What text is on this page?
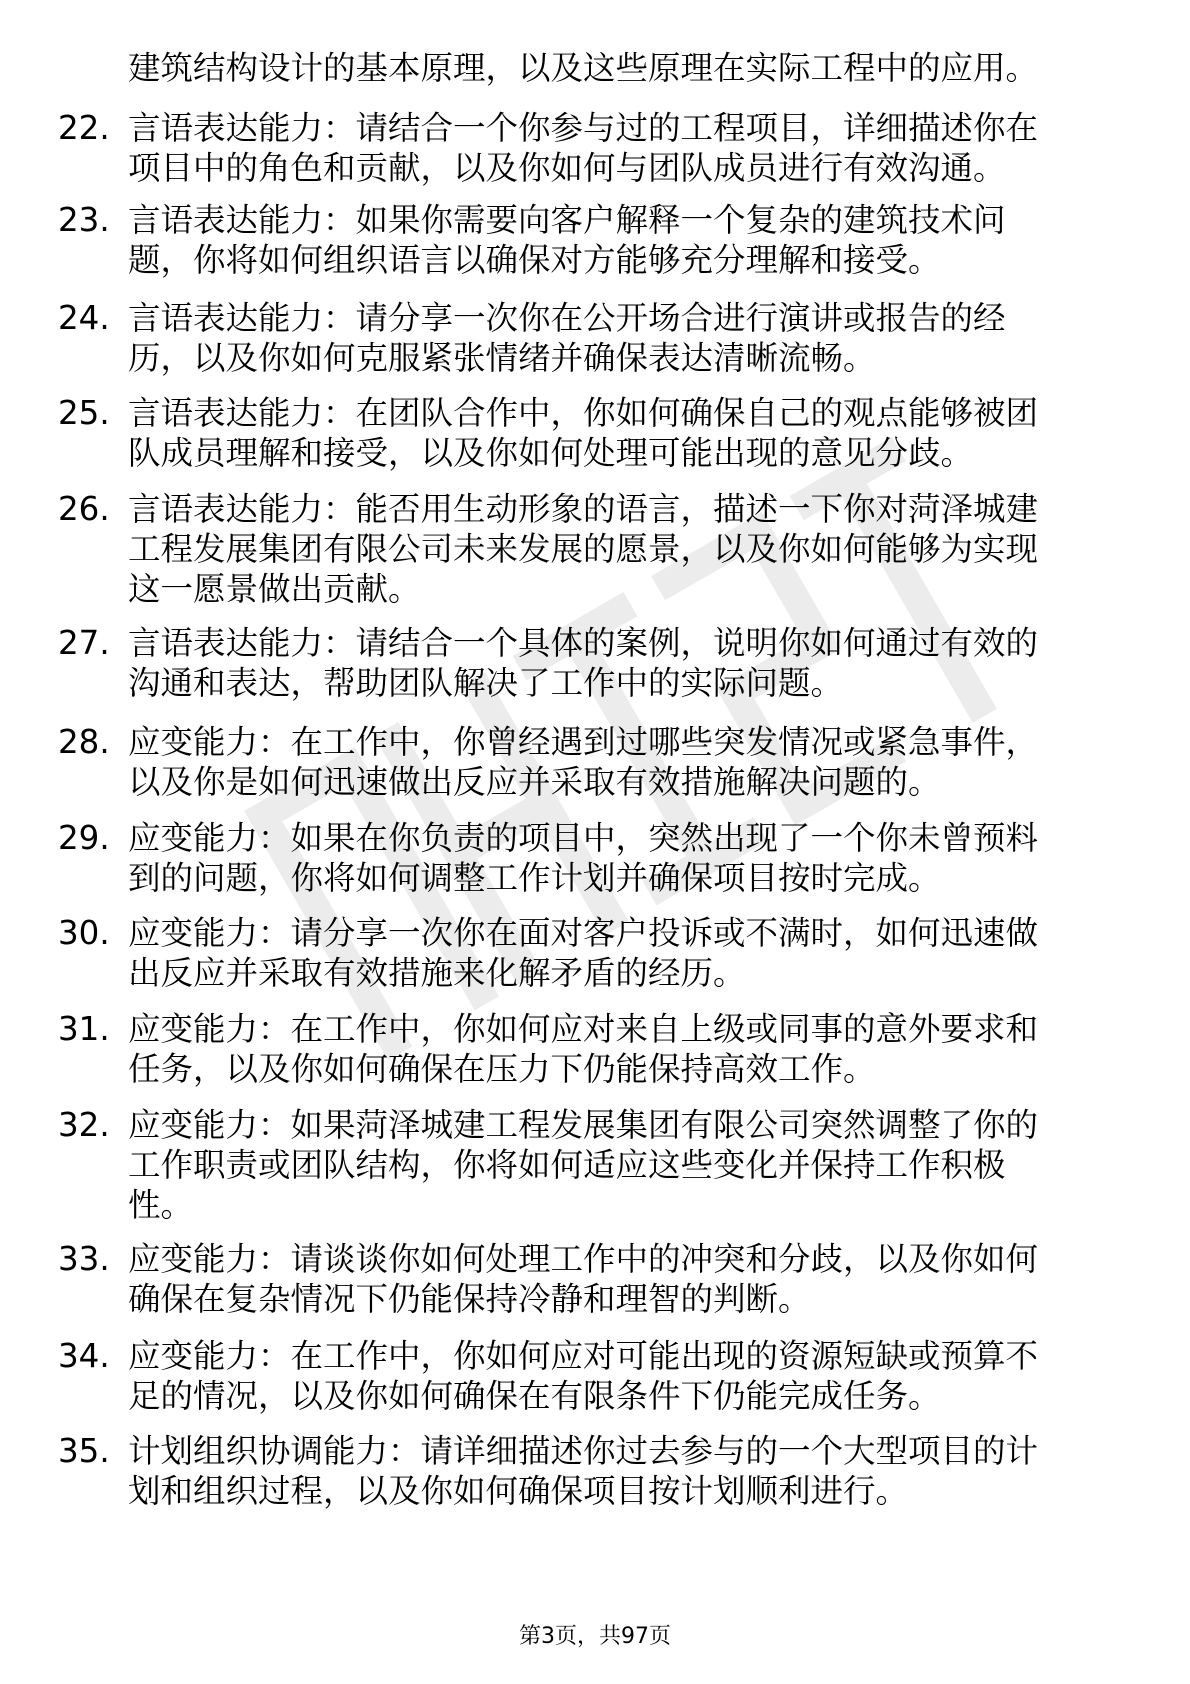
建筑结构设计的基本原理，以及这些原理在实际工程中的应用。
22. 言语表达能力：请结合一个你参与过的工程项目，详细描述你在
项目中的角色和贡献，以及你如何与团队成员进行有效沟通。
23. 言语表达能力：如果你需要向客户解释一个复杂的建筑技术问
题，你将如何组织语言以确保对方能够充分理解和接受。
24. 言语表达能力：请分享一次你在公开场合进行演讲或报告的经
历，以及你如何克服紧张情绪并确保表达清晰流畅。
25. 言语表达能力：在团队合作中，你如何确保自己的观点能够被团
队成员理解和接受，以及你如何处理可能出现的意见分歧。
26. 言语表达能力：能否用生动形象的语言，描述一下你对菏泽城建
工程发展集团有限公司未来发展的愿景，以及你如何能够为实现
这一愿景做出贡献。
27. 言语表达能力：请结合一个具体的案例，说明你如何通过有效的
沟通和表达，帮助团队解决了工作中的实际问题。
28. 应变能力：在工作中，你曾经遇到过哪些突发情况或紧急事件，
以及你是如何迅速做出反应并采取有效措施解决问题的。
29. 应变能力：如果在你负责的项目中，突然出现了一个你未曾预料
到的问题，你将如何调整工作计划并确保项目按时完成。
30. 应变能力：请分享一次你在面对客户投诉或不满时，如何迅速做
出反应并采取有效措施来化解矛盾的经历。
31. 应变能力：在工作中，你如何应对来自上级或同事的意外要求和
任务，以及你如何确保在压力下仍能保持高效工作。
32. 应变能力：如果菏泽城建工程发展集团有限公司突然调整了你的
工作职责或团队结构，你将如何适应这些变化并保持工作积极
性。
33. 应变能力：请谈谈你如何处理工作中的冲突和分歧，以及你如何
确保在复杂情况下仍能保持冷静和理智的判断。
34. 应变能力：在工作中，你如何应对可能出现的资源短缺或预算不
足的情况，以及你如何确保在有限条件下仍能完成任务。
35. 计划组织协调能力：请详细描述你过去参与的一个大型项目的计
划和组织过程，以及你如何确保项目按计划顺利进行。
第3页，共97页
